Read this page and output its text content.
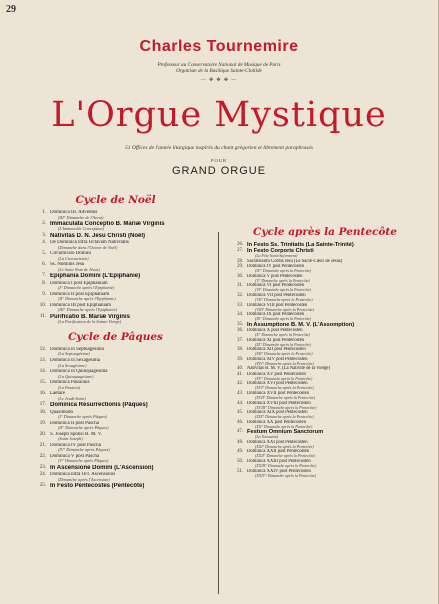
29
Charles Tournemire
Professeur au Conservatoire National de Musique de Paris
Organiste de la Basilique Sainte-Clotilde
— ✥ ✥ ✥ —
L'Orgue Mystique
51 Offices de l'année liturgique inspirés du chant grégorien et librement paraphrasés
POUR
GRAND ORGUE
Cycle de Noël
1. Dominica III. Adventus
(III° Dimanche de l'Avent)
2. Immaculata Conceptio B. Mariæ Virginis
(L'Immaculée Conception)
3. Nativitas D. N. Jesu Christi (Noël)
4. De Dominica infra Octavam Nativitatis
(Dimanche dans l'Octave de Noël)
5. Circumcisio Domini
(La Circoncision)
6. Ss. Nominis Jesu
(Le Saint Nom de Jésus)
7. Epiphania Domini (L'Épiphanie)
8. Dominica I post Epiphaniam
(I° Dimanche après l'Épiphanie)
9. Dominica II post Epiphaniam
(II° Dimanche après l'Épiphanie)
10. Dominica III post Epiphaniam
(III° Dimanche après l'Épiphanie)
11. Purificatio B. Mariæ Virginis
(La Purification de la Sainte-Vierge)
Cycle de Pâques
12. Dominica in Septuagesima
(La Septuagésime)
13. Dominica in Sexagesima
(La Sexagésime)
14. Dominica in Quinquagesima
(La Quinquagésime)
15. Dominica Passionis
(La Passion)
16. Laetare
(Le Jeudi-Saint)
17. Dominica Resurrectionis (Pâques)
18. Quasimodo
(I° Dimanche après Pâques)
19. Dominica II post Pascha
(II° Dimanche après Pâques)
20. S. Joseph Sponsi B. M. V.
(Saint Joseph)
21. Dominica IV post Pascha
(IV° Dimanche après Pâques)
22. Dominica V post Pascha
(V° Dimanche après Pâques)
23. In Ascensione Domini (L'Ascension)
24. Dominica infra Oct. Ascensionis
(Dimanche après l'Ascension)
25. In Festo Pentecostes (Pentecôte)
Cycle après la Pentecôte
26. In Festo Ss. Trinitatis (La Sainte-Trinité)
27. In Festo Corporis Christi
(La Fête Saint-Sacrement)
28. Sacratissimi Cordis Jesu (Le Sacré-Cœur de Jésus)
29. Dominica IV post Pentecosten
(IV° Dimanche après la Pentecôte)
30. Dominica V post Pentecosten
(V° Dimanche après la Pentecôte)
31. Dominica VI post Pentecosten
(VI° Dimanche après la Pentecôte)
32. Dominica VII post Pentecosten
(VII° Dimanche après la Pentecôte)
33. Dominica VIII post Pentecosten
(VIII° Dimanche après la Pentecôte)
34. Dominica IX post Pentecosten
(IX° Dimanche après la Pentecôte)
35. In Assumptione B. M. V. (L'Assomption)
36. Dominica X post Pentecosten
(X° Dimanche après la Pentecôte)
37. Dominica XI post Pentecosten
(XI° Dimanche après la Pentecôte)
38. Dominica XII post Pentecosten
(XII° Dimanche après la Pentecôte)
39. Dominica XIV post Pentecosten
(XIV° Dimanche après la Pentecôte)
40. Nativitas B. M. V. (La Nativité de la Vierge)
41. Dominica XV post Pentecosten
(XV° Dimanche après la Pentecôte)
42. Dominica XVI post Pentecosten
(XVI° Dimanche après la Pentecôte)
43. Dominica XVII post Pentecosten
(XVII° Dimanche après la Pentecôte)
44. Dominica XVIII post Pentecosten
(XVIII° Dimanche après la Pentecôte)
45. Dominica XIX post Pentecosten
(XIX° Dimanche après la Pentecôte)
46. Dominica XX post Pentecosten
(XX° Dimanche après la Pentecôte)
47. Festum Omnium Sanctorum
(La Toussaint)
48. Dominica XXI post Pentecosten
(XXI° Dimanche après la Pentecôte)
49. Dominica XXII post Pentecosten
(XXII° Dimanche après la Pentecôte)
50. Dominica XXIII post Pentecosten
(XXIII° Dimanche après la Pentecôte)
51. Dominica XXIV post Pentecosten
(XXIV° Dimanche après la Pentecôte)
